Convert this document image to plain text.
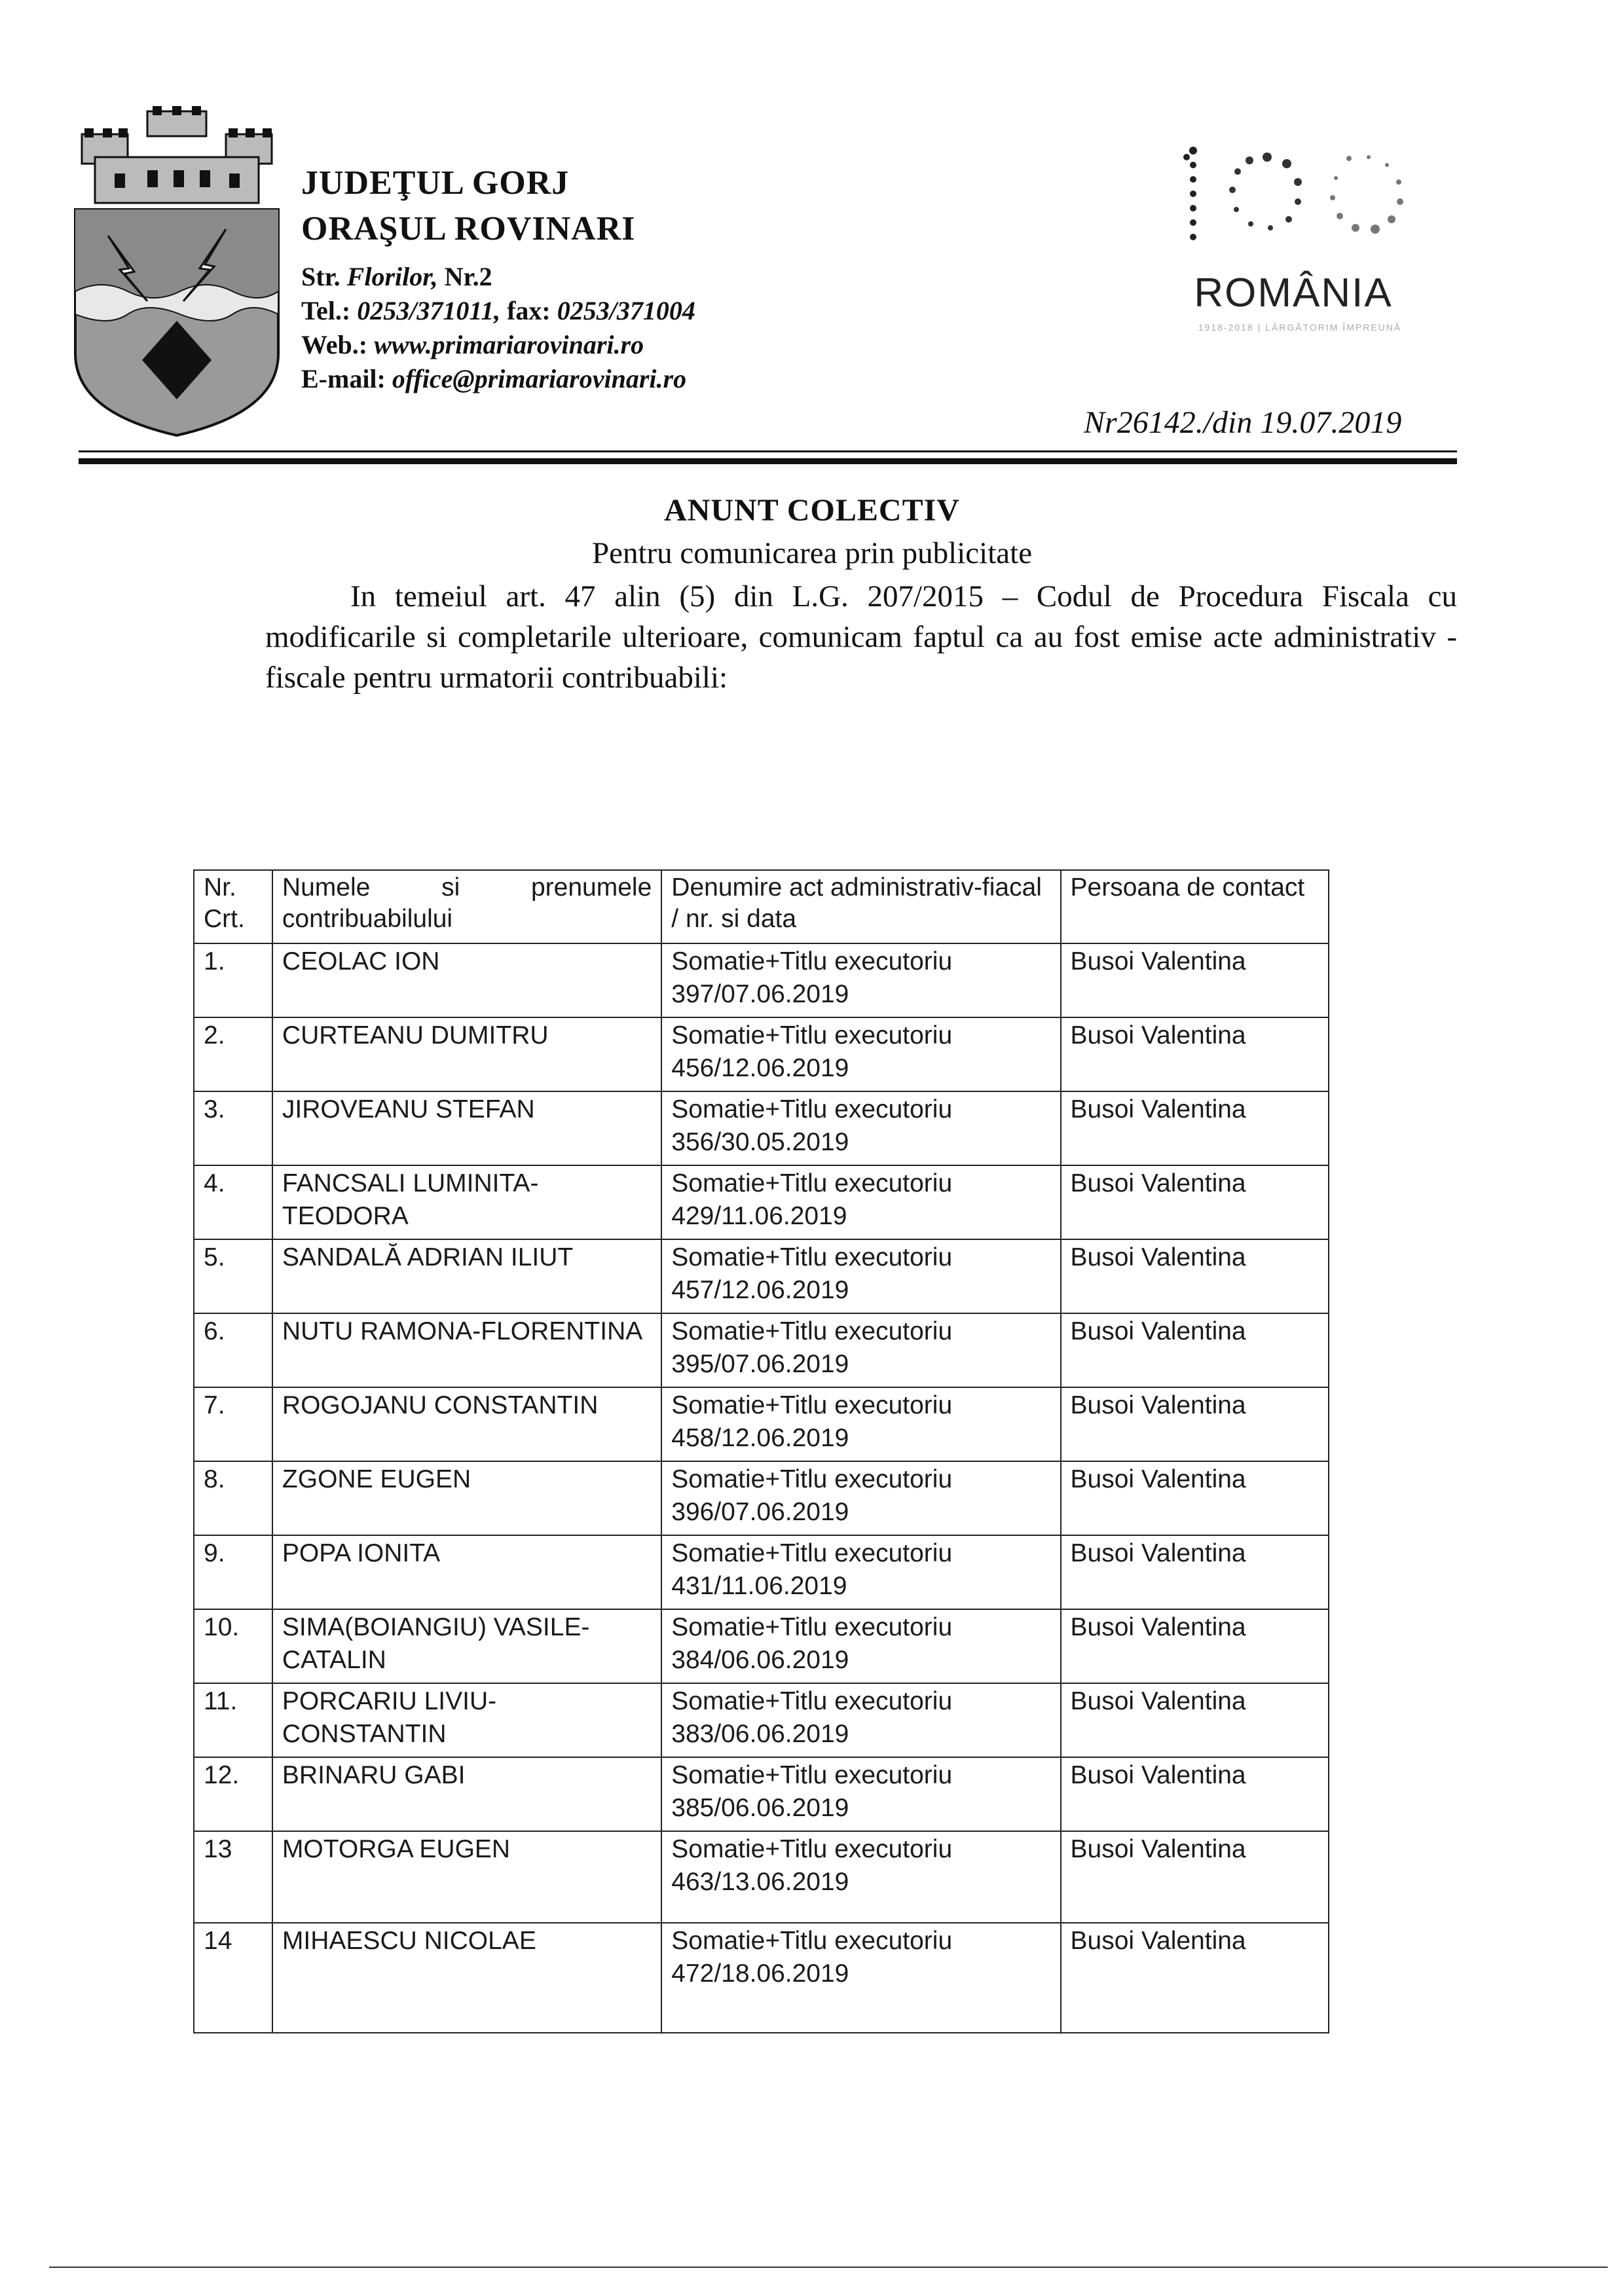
JUDEŢUL GORJ
ORAŞUL ROVINARI
Str. Florilor, Nr.2
Tel.: 0253/371011, fax: 0253/371004
Web.: www.primariarovinari.ro
E-mail: office@primariarovinari.ro
ROMÂNIA
1918-2018 | LĂRGĂTORIM ÎMPREUNĂ
Nr26142./din 19.07.2019
ANUNT COLECTIV
Pentru comunicarea prin publicitate
In temeiul art. 47 alin (5) din L.G. 207/2015 – Codul de Procedura Fiscala cu modificarile si completarile ulterioare, comunicam faptul ca au fost emise acte administrativ - fiscale pentru urmatorii contribuabili:
Nr. Crt.	Numele si prenumele contribuabilului	Denumire act administrativ-fiacal / nr. si data	Persoana de contact
1.	CEOLAC ION	Somatie+Titlu executoriu 397/07.06.2019	Busoi Valentina
2.	CURTEANU DUMITRU	Somatie+Titlu executoriu 456/12.06.2019	Busoi Valentina
3.	JIROVEANU STEFAN	Somatie+Titlu executoriu 356/30.05.2019	Busoi Valentina
4.	FANCSALI LUMINITA-TEODORA	Somatie+Titlu executoriu 429/11.06.2019	Busoi Valentina
5.	SANDALĂ ADRIAN ILIUT	Somatie+Titlu executoriu 457/12.06.2019	Busoi Valentina
6.	NUTU RAMONA-FLORENTINA	Somatie+Titlu executoriu 395/07.06.2019	Busoi Valentina
7.	ROGOJANU CONSTANTIN	Somatie+Titlu executoriu 458/12.06.2019	Busoi Valentina
8.	ZGONE EUGEN	Somatie+Titlu executoriu 396/07.06.2019	Busoi Valentina
9.	POPA IONITA	Somatie+Titlu executoriu 431/11.06.2019	Busoi Valentina
10.	SIMA(BOIANGIU) VASILE-CATALIN	Somatie+Titlu executoriu 384/06.06.2019	Busoi Valentina
11.	PORCARIU LIVIU-CONSTANTIN	Somatie+Titlu executoriu 383/06.06.2019	Busoi Valentina
12.	BRINARU GABI	Somatie+Titlu executoriu 385/06.06.2019	Busoi Valentina
13	MOTORGA EUGEN	Somatie+Titlu executoriu 463/13.06.2019	Busoi Valentina
14	MIHAESCU NICOLAE	Somatie+Titlu executoriu 472/18.06.2019	Busoi Valentina
